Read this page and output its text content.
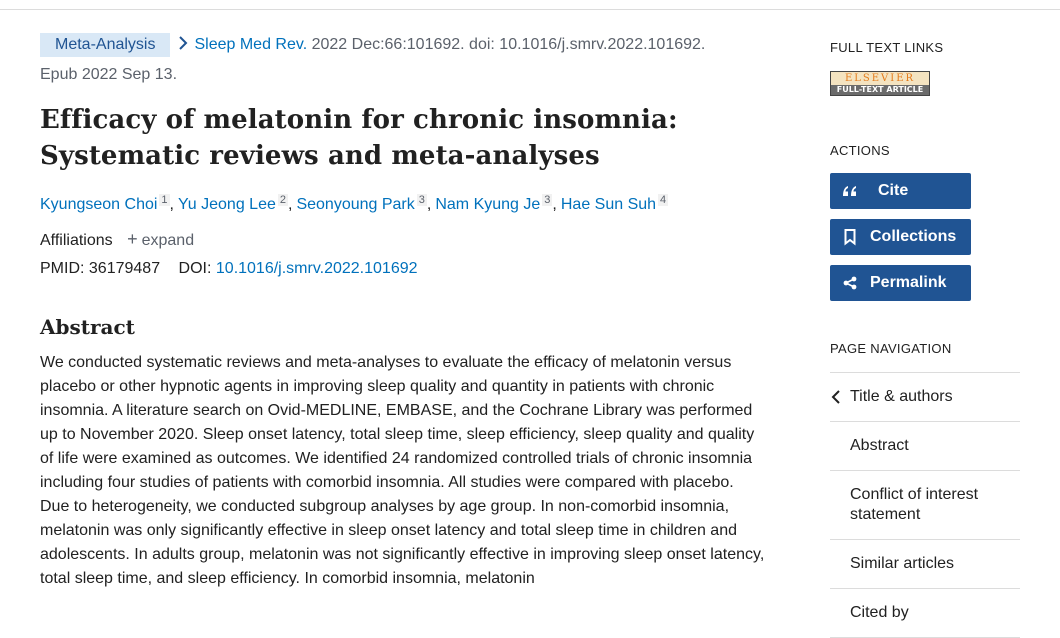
Meta-Analysis Sleep Med Rev. 2022 Dec:66:101692. doi: 10.1016/j.smrv.2022.101692.
Epub 2022 Sep 13.
Efficacy of melatonin for chronic insomnia: Systematic reviews and meta-analyses
Kyungseon Choi $^1$ , Yu Jeong Lee $^2$ , Seonyoung Park $^3$ , Nam Kyung Je $^3$ , Hae Sun Suh $^4$
Affiliations + expand
PMID: 36179487 DOI: 10.1016/j.smrv.2022.101692
Abstract

We conducted systematic reviews and meta-analyses to evaluate the efficacy of melatonin versus placebo or other hypnotic agents in improving sleep quality and quantity in patients with chronic insomnia. A literature search on Ovid-MEDLINE, EMBASE, and the Cochrane Library was performed up to November 2020. Sleep onset latency, total sleep time, sleep efficiency, sleep quality and quality of life were examined as outcomes. We identified 24 randomized controlled trials of chronic insomnia including four studies of patients with comorbid insomnia. All studies were compared with placebo. Due to heterogeneity, we conducted subgroup analyses by age group. In non-comorbid insomnia, melatonin was only significantly effective in sleep onset latency and total sleep time in children and adolescents. In adults group, melatonin was not significantly effective in improving sleep onset latency, total sleep time, and sleep efficiency. In comorbid insomnia, melatonin

FULL TEXT LINKS
ELSEVIER
FULL-TEXT ARTICLE
ACTIONS
Cite
Collections
Permalink
PAGE NAVIGATION
Title & authors
Abstract
Conflict of interest statement
Similar articles
Cited by
